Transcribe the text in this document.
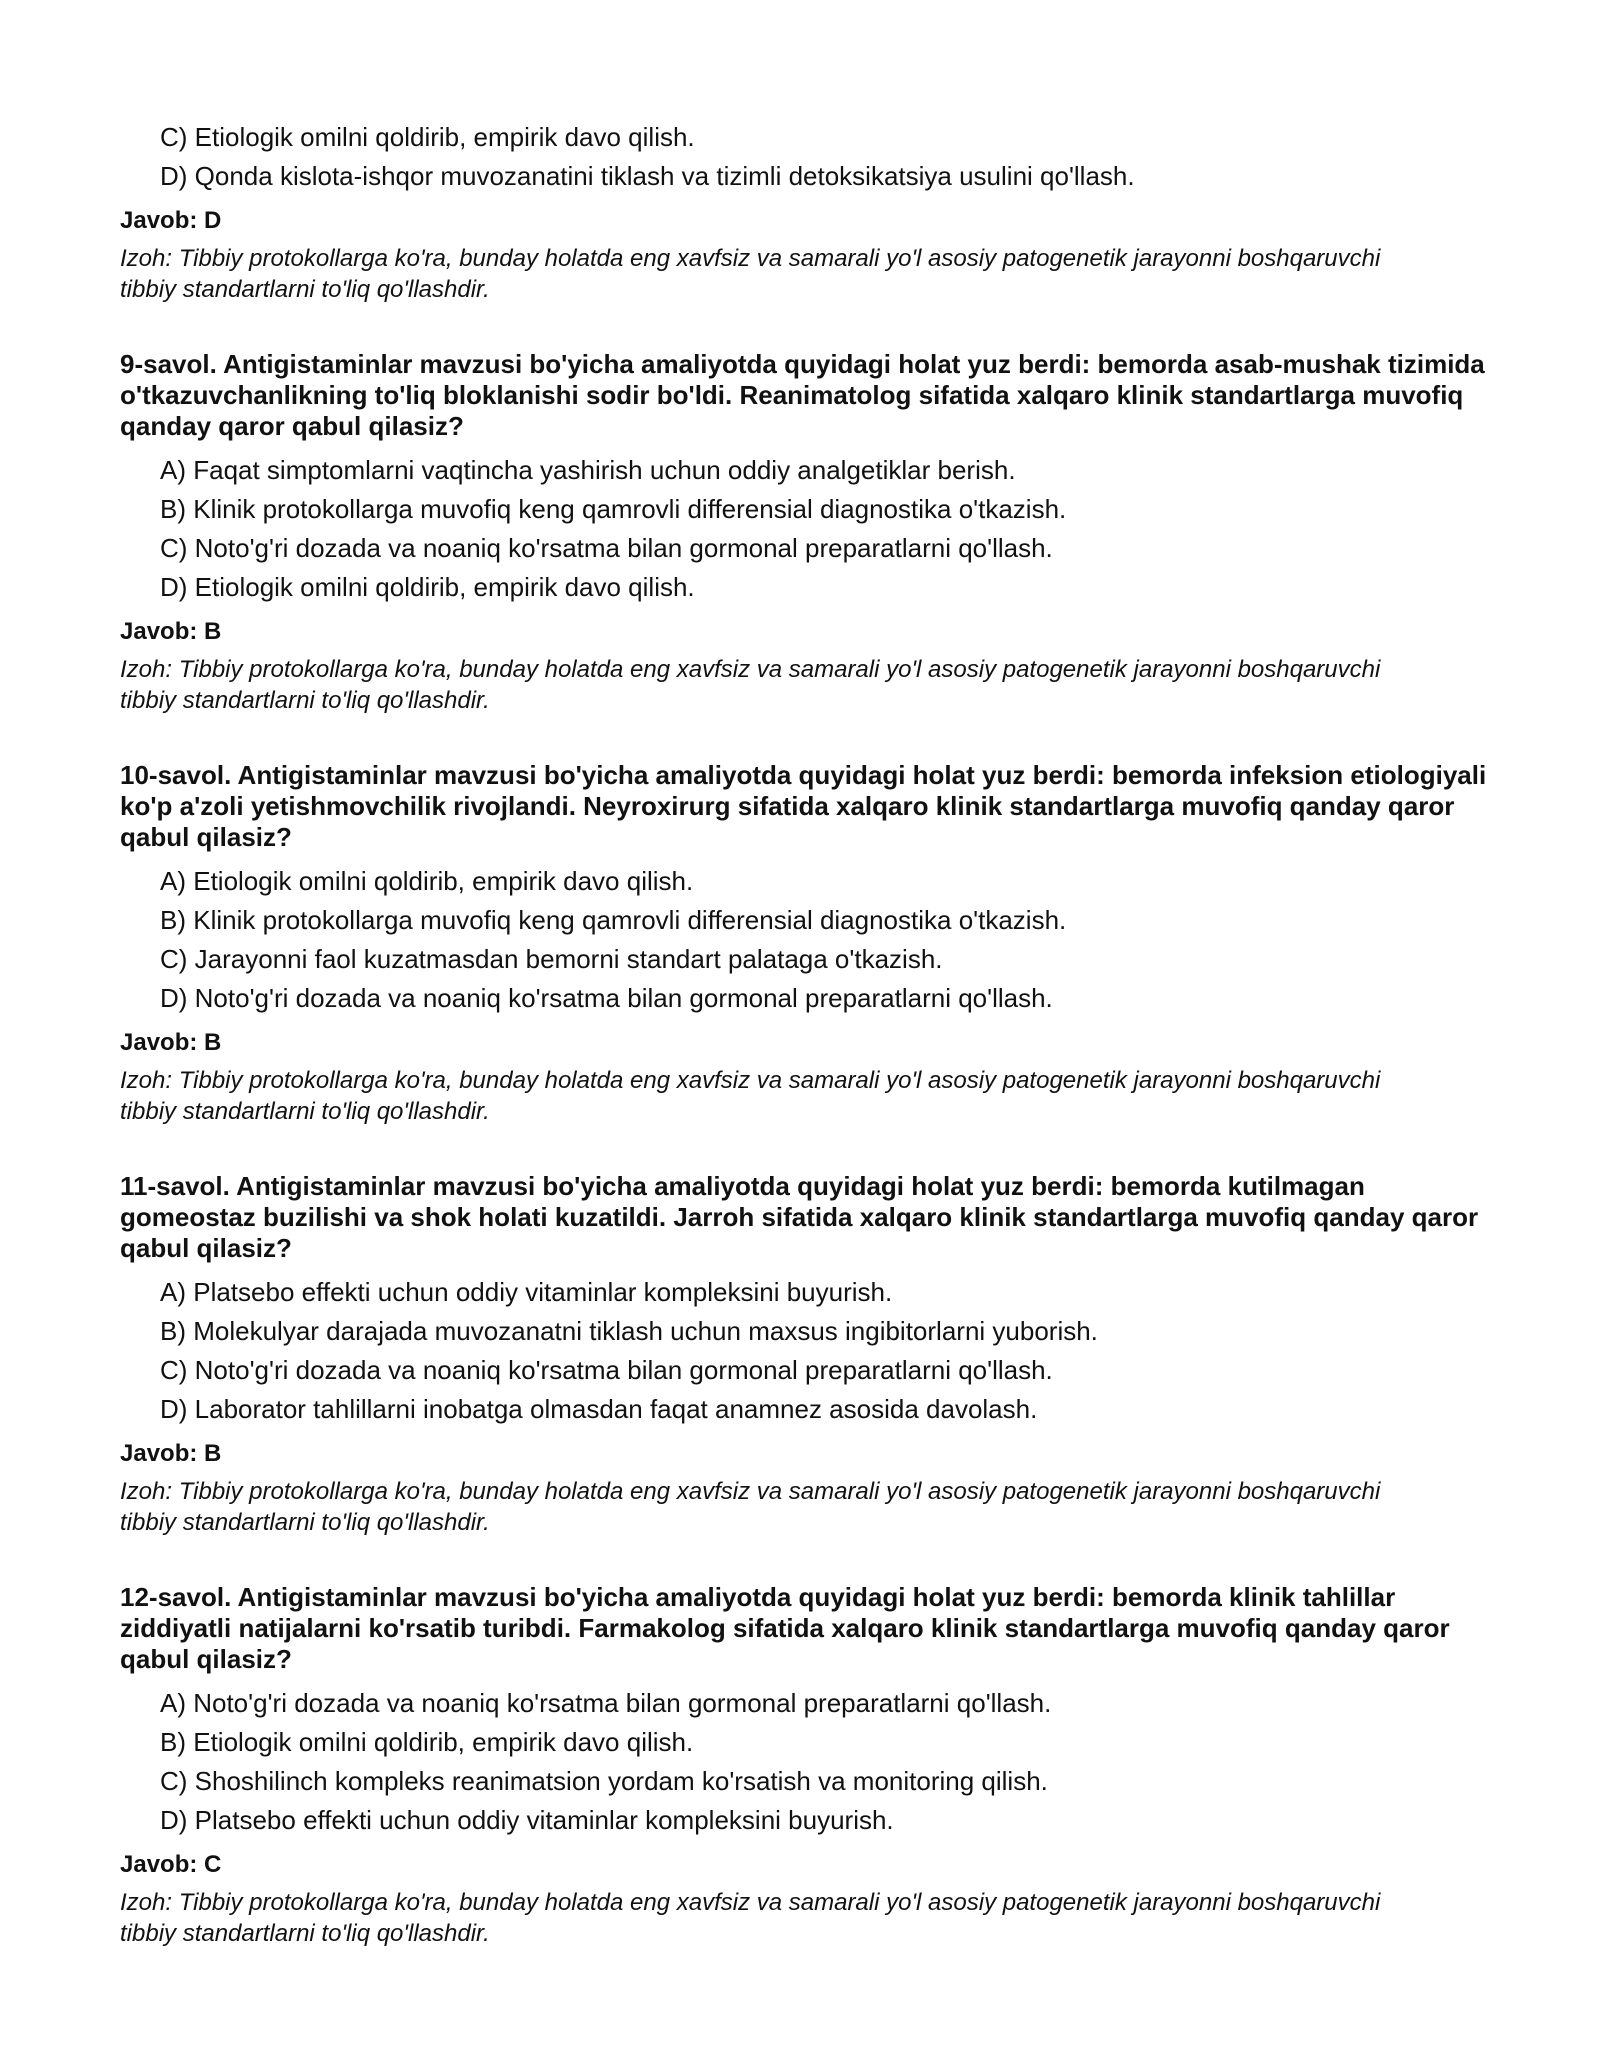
C) Etiologik omilni qoldirib, empirik davo qilish.
D) Qonda kislota-ishqor muvozanatini tiklash va tizimli detoksikatsiya usulini qo'llash.
Javob: D
Izoh: Tibbiy protokollarga ko'ra, bunday holatda eng xavfsiz va samarali yo'l asosiy patogenetik jarayonni boshqaruvchi tibbiy standartlarni to'liq qo'llashdir.
9-savol. Antigistaminlar mavzusi bo'yicha amaliyotda quyidagi holat yuz berdi: bemorda asab-mushak tizimida o'tkazuvchanlikning to'liq bloklanishi sodir bo'ldi. Reanimatolog sifatida xalqaro klinik standartlarga muvofiq qanday qaror qabul qilasiz?
A) Faqat simptomlarni vaqtincha yashirish uchun oddiy analgetiklar berish.
B) Klinik protokollarga muvofiq keng qamrovli differensial diagnostika o'tkazish.
C) Noto'g'ri dozada va noaniq ko'rsatma bilan gormonal preparatlarni qo'llash.
D) Etiologik omilni qoldirib, empirik davo qilish.
Javob: B
Izoh: Tibbiy protokollarga ko'ra, bunday holatda eng xavfsiz va samarali yo'l asosiy patogenetik jarayonni boshqaruvchi tibbiy standartlarni to'liq qo'llashdir.
10-savol. Antigistaminlar mavzusi bo'yicha amaliyotda quyidagi holat yuz berdi: bemorda infeksion etiologiyali ko'p a'zoli yetishmovchilik rivojlandi. Neyroxirurg sifatida xalqaro klinik standartlarga muvofiq qanday qaror qabul qilasiz?
A) Etiologik omilni qoldirib, empirik davo qilish.
B) Klinik protokollarga muvofiq keng qamrovli differensial diagnostika o'tkazish.
C) Jarayonni faol kuzatmasdan bemorni standart palataga o'tkazish.
D) Noto'g'ri dozada va noaniq ko'rsatma bilan gormonal preparatlarni qo'llash.
Javob: B
Izoh: Tibbiy protokollarga ko'ra, bunday holatda eng xavfsiz va samarali yo'l asosiy patogenetik jarayonni boshqaruvchi tibbiy standartlarni to'liq qo'llashdir.
11-savol. Antigistaminlar mavzusi bo'yicha amaliyotda quyidagi holat yuz berdi: bemorda kutilmagan gomeostaz buzilishi va shok holati kuzatildi. Jarroh sifatida xalqaro klinik standartlarga muvofiq qanday qaror qabul qilasiz?
A) Platsebo effekti uchun oddiy vitaminlar kompleksini buyurish.
B) Molekulyar darajada muvozanatni tiklash uchun maxsus ingibitorlarni yuborish.
C) Noto'g'ri dozada va noaniq ko'rsatma bilan gormonal preparatlarni qo'llash.
D) Laborator tahlillarni inobatga olmasdan faqat anamnez asosida davolash.
Javob: B
Izoh: Tibbiy protokollarga ko'ra, bunday holatda eng xavfsiz va samarali yo'l asosiy patogenetik jarayonni boshqaruvchi tibbiy standartlarni to'liq qo'llashdir.
12-savol. Antigistaminlar mavzusi bo'yicha amaliyotda quyidagi holat yuz berdi: bemorda klinik tahlillar ziddiyatli natijalarni ko'rsatib turibdi. Farmakolog sifatida xalqaro klinik standartlarga muvofiq qanday qaror qabul qilasiz?
A) Noto'g'ri dozada va noaniq ko'rsatma bilan gormonal preparatlarni qo'llash.
B) Etiologik omilni qoldirib, empirik davo qilish.
C) Shoshilinch kompleks reanimatsion yordam ko'rsatish va monitoring qilish.
D) Platsebo effekti uchun oddiy vitaminlar kompleksini buyurish.
Javob: C
Izoh: Tibbiy protokollarga ko'ra, bunday holatda eng xavfsiz va samarali yo'l asosiy patogenetik jarayonni boshqaruvchi tibbiy standartlarni to'liq qo'llashdir.
